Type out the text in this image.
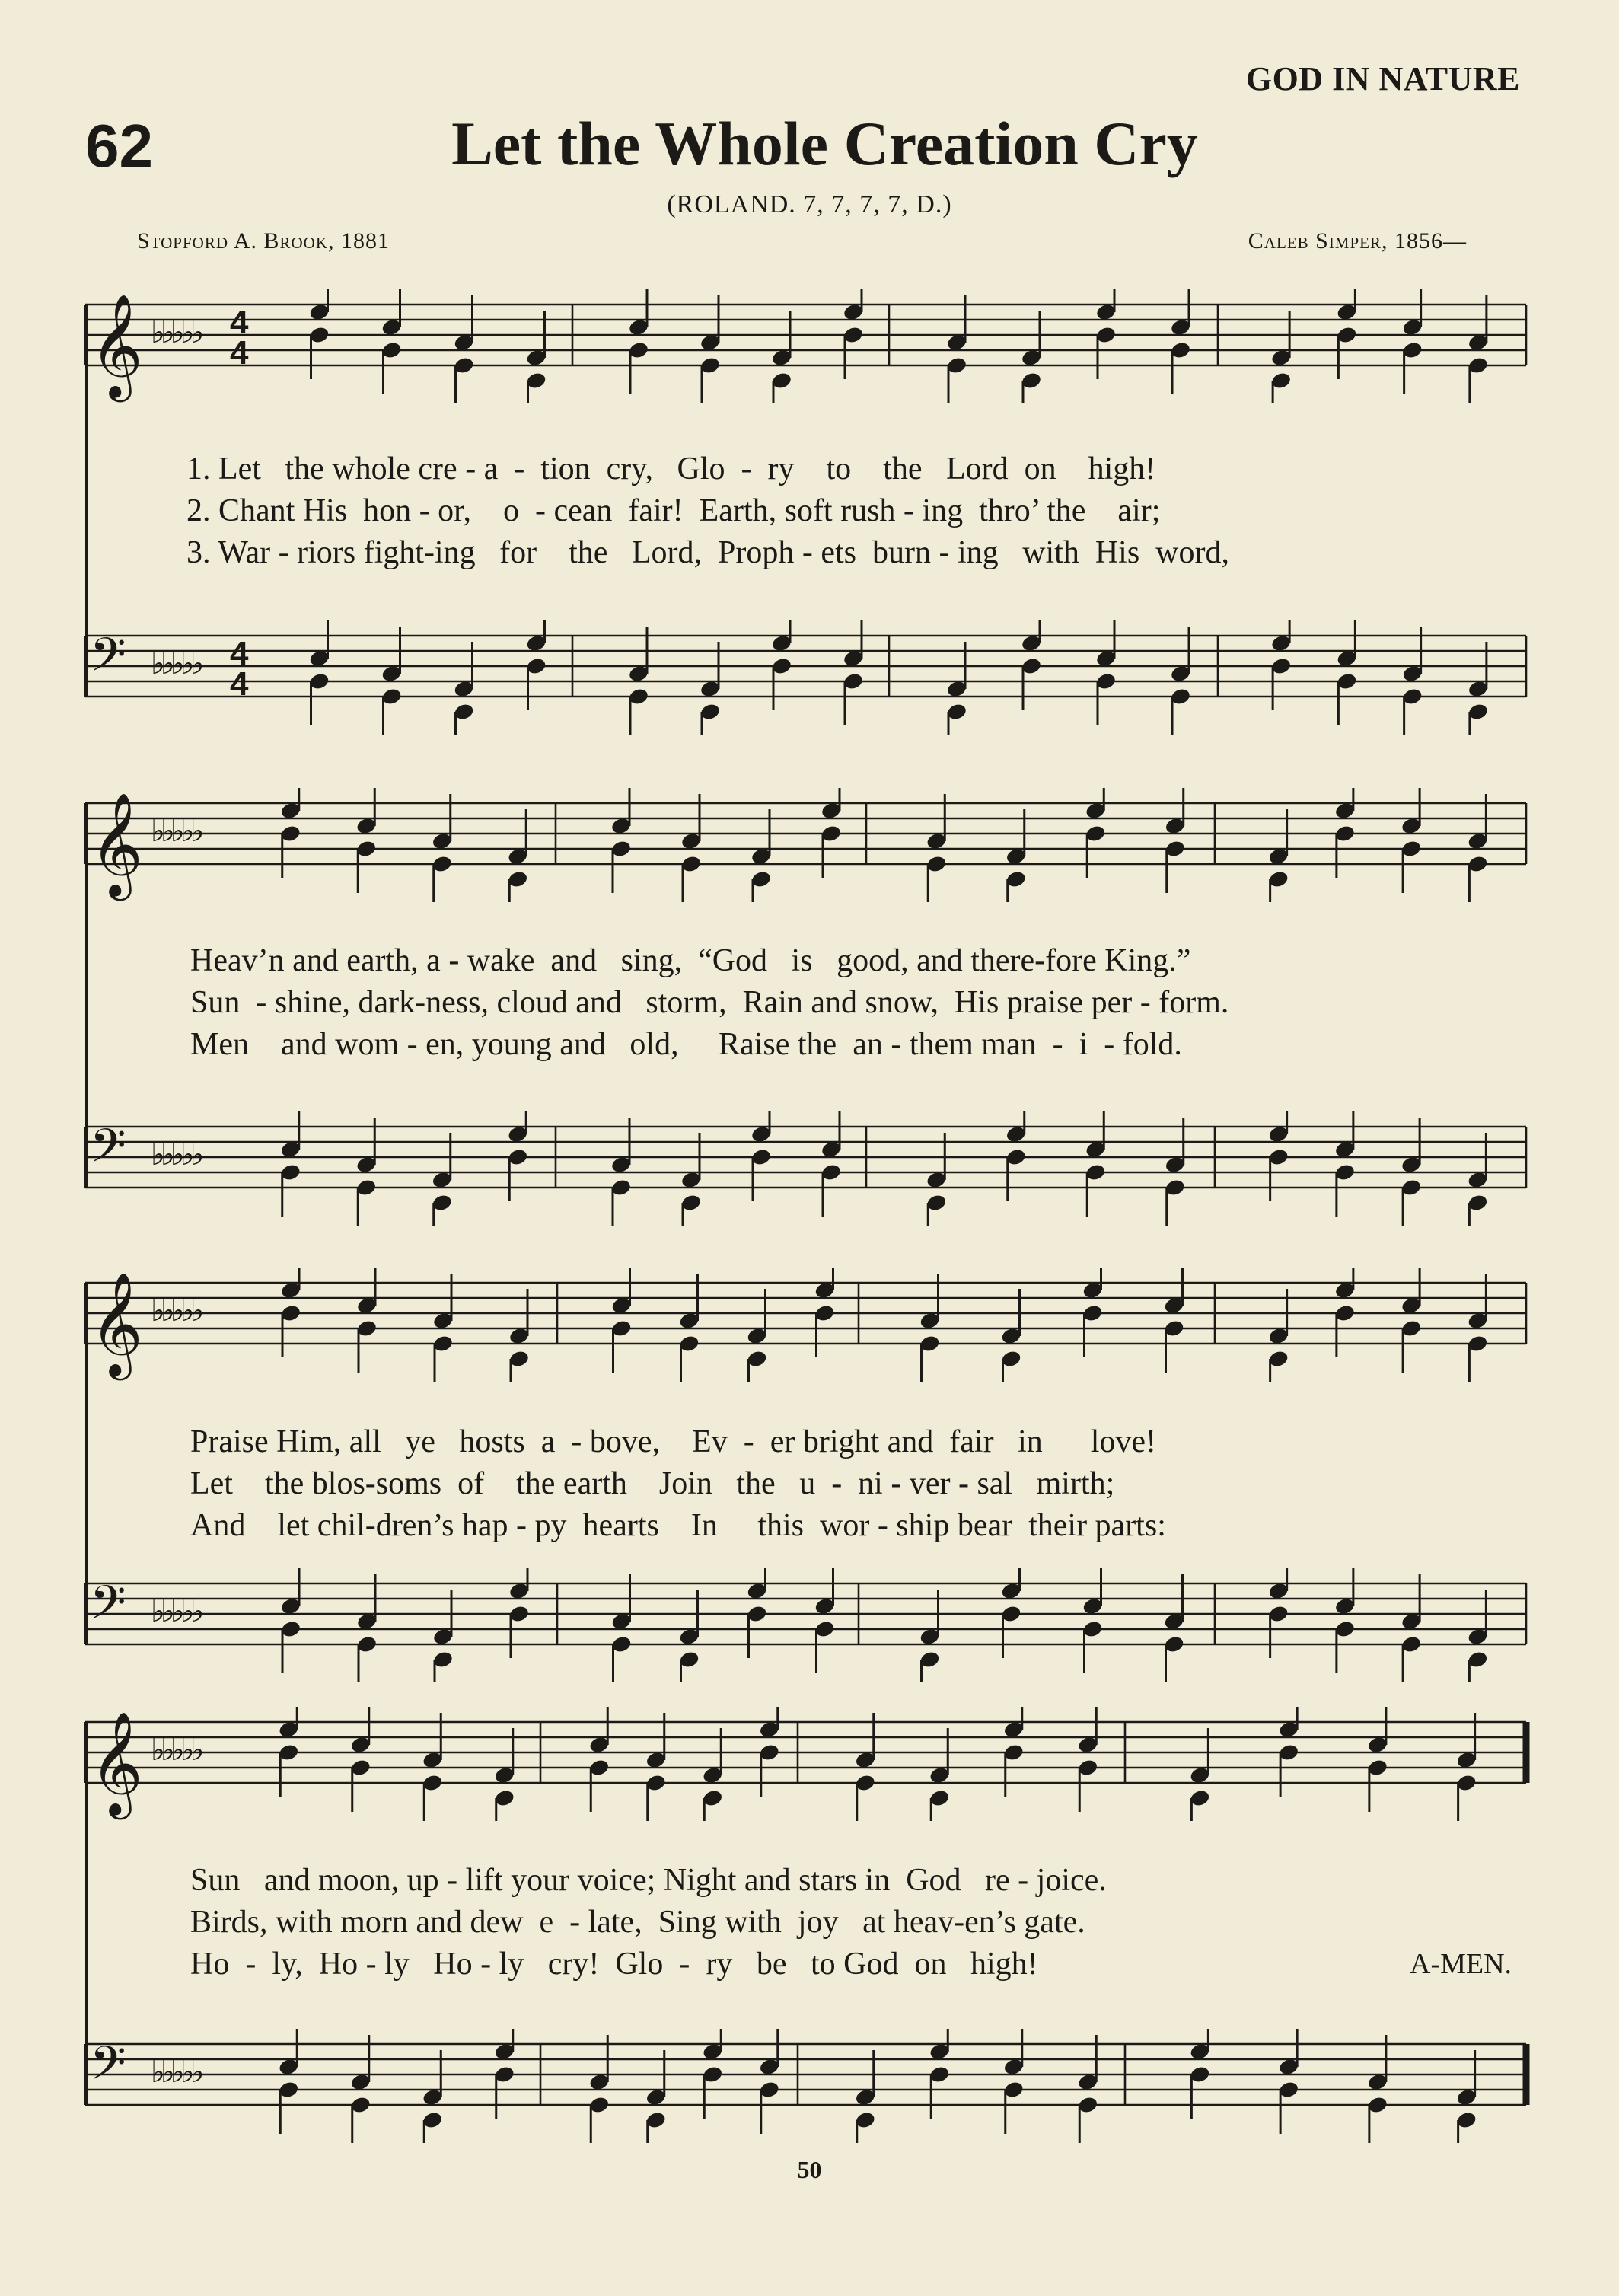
GOD IN NATURE
62	Let the Whole Creation Cry
(ROLAND. 7, 7, 7, 7, D.)
Stopford A. Brook, 1881	Caleb Simper, 1856—
𝄞 ♭♭♭♭♭ 4
4
𝄢 ♭♭♭♭♭ 4
4
1. Let   the whole cre - a  -  tion  cry,   Glo  -  ry    to    the   Lord  on    high!
2. Chant His  hon - or,    o  - cean  fair!  Earth, soft rush - ing  thro’ the    air;
3. War - riors fight-ing   for    the   Lord,  Proph - ets  burn - ing   with  His  word,
𝄞 ♭♭♭♭♭
𝄢 ♭♭♭♭♭
Heav’n and earth, a - wake  and   sing,  “God   is   good, and there-fore King.”
Sun  - shine, dark-ness, cloud and   storm,  Rain and snow,  His praise per - form.
Men    and wom - en, young and   old,     Raise the  an - them man  -  i  - fold.
𝄞 ♭♭♭♭♭
𝄢 ♭♭♭♭♭
Praise Him, all   ye   hosts  a  - bove,    Ev  -  er bright and  fair   in      love!
Let    the blos-soms  of    the earth    Join   the   u  -  ni - ver - sal   mirth;
And    let chil-dren’s hap - py  hearts    In     this  wor - ship bear  their parts:
𝄞 ♭♭♭♭♭
𝄢 ♭♭♭♭♭
Sun   and moon, up - lift your voice; Night and stars in  God   re - joice.
Birds, with morn and dew  e  - late,  Sing with  joy   at heav-en’s gate.
Ho  -  ly,  Ho - ly   Ho - ly   cry!  Glo  -  ry   be   to God  on   high!	A-MEN.
50
